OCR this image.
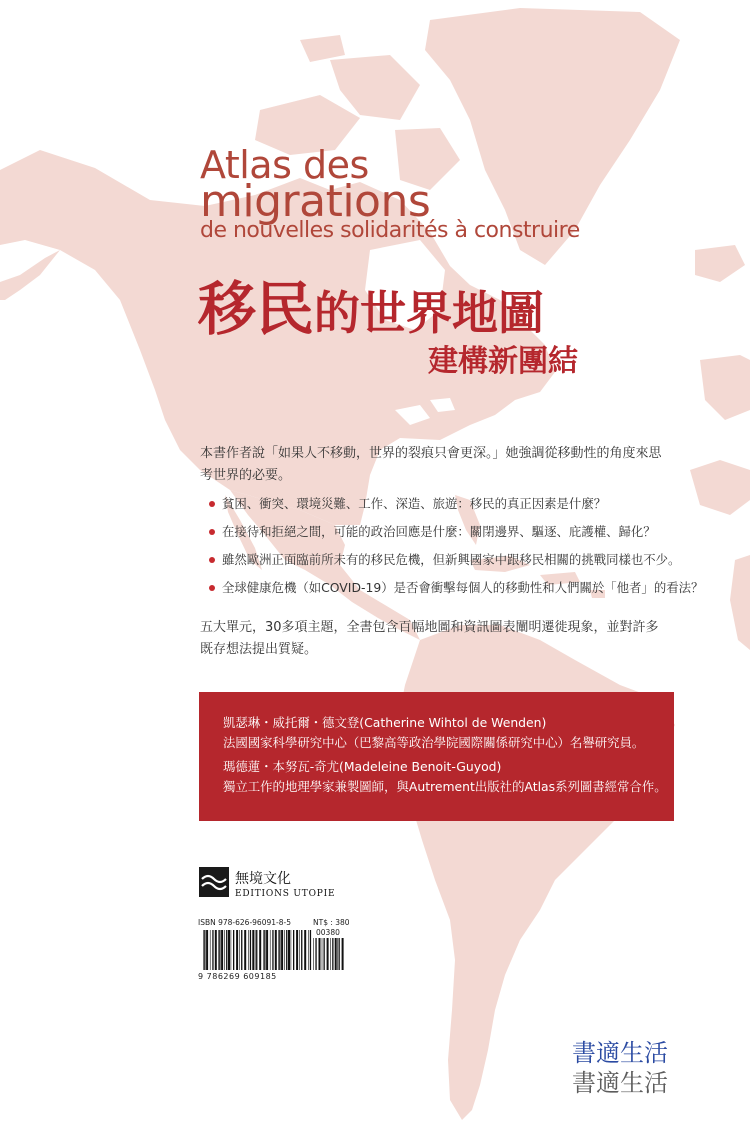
Atlas des
migrations
de nouvelles solidarités à construire
移民的世界地圖
建構新團結
本書作者說「如果人不移動，世界的裂痕只會更深。」她強調從移動性的角度來思考世界的必要。
貧困、衝突、環境災難、工作、深造、旅遊：移民的真正因素是什麼？
在接待和拒絕之間，可能的政治回應是什麼：關閉邊界、驅逐、庇護權、歸化？
雖然歐洲正面臨前所未有的移民危機，但新興國家中跟移民相關的挑戰同樣也不少。
全球健康危機（如COVID-19）是否會衝擊每個人的移動性和人們關於「他者」的看法？
五大單元，30多項主題，全書包含百幅地圖和資訊圖表闡明遷徙現象，並對許多既存想法提出質疑。
凱瑟琳・威托爾・德文登(Catherine Wihtol de Wenden)
法國國家科學研究中心（巴黎高等政治學院國際關係研究中心）名譽研究員。
瑪德蓮・本努瓦-奇尤(Madeleine Benoit-Guyod)
獨立工作的地理學家兼製圖師，與Autrement出版社的Atlas系列圖書經常合作。
無境文化
EDITIONS UTOPIE
ISBN 978-626-96091-8-5	NT$ : 380
00380
9 786269 609185
書適生活
書適生活
